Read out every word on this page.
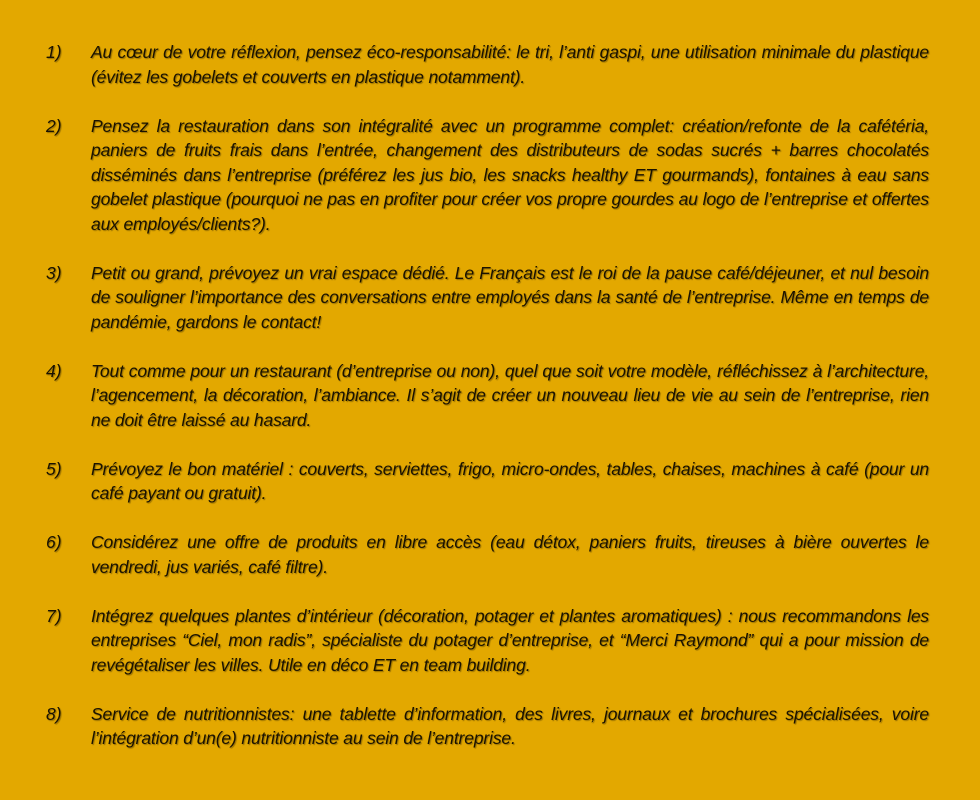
1)	Au cœur de votre réflexion, pensez éco-responsabilité: le tri, l’anti gaspi, une utilisation minimale du plastique (évitez les gobelets et couverts en plastique notamment).
2)	Pensez la restauration dans son intégralité avec un programme complet: création/refonte de la cafétéria, paniers de fruits frais dans l’entrée, changement des distributeurs de sodas sucrés + barres chocolatés disséminés dans l’entreprise (préférez les jus bio, les snacks healthy ET gourmands), fontaines à eau sans gobelet plastique (pourquoi ne pas en profiter pour créer vos propre gourdes au logo de l’entreprise et offertes aux employés/clients?).
3)	Petit ou grand, prévoyez un vrai espace dédié. Le Français est le roi de la pause café/déjeuner, et nul besoin de souligner l’importance des conversations entre employés dans la santé de l’entreprise. Même en temps de pandémie, gardons le contact!
4)	Tout comme pour un restaurant (d’entreprise ou non), quel que soit votre modèle, réfléchissez à l’architecture, l’agencement, la décoration, l’ambiance. Il s’agit de créer un nouveau lieu de vie au sein de l’entreprise, rien ne doit être laissé au hasard.
5)	Prévoyez le bon matériel : couverts, serviettes, frigo, micro-ondes, tables, chaises, machines à café (pour un café payant ou gratuit).
6)	Considérez une offre de produits en libre accès (eau détox, paniers fruits, tireuses à bière ouvertes le vendredi, jus variés, café filtre).
7)	Intégrez quelques plantes d’intérieur (décoration, potager et plantes aromatiques) : nous recommandons les entreprises “Ciel, mon radis”, spécialiste du potager d’entreprise, et “Merci Raymond” qui a pour mission de revégétaliser les villes. Utile en déco ET en team building.
8)	Service de nutritionnistes: une tablette d’information, des livres, journaux et brochures spécialisées, voire l’intégration d’un(e) nutritionniste au sein de l’entreprise.
